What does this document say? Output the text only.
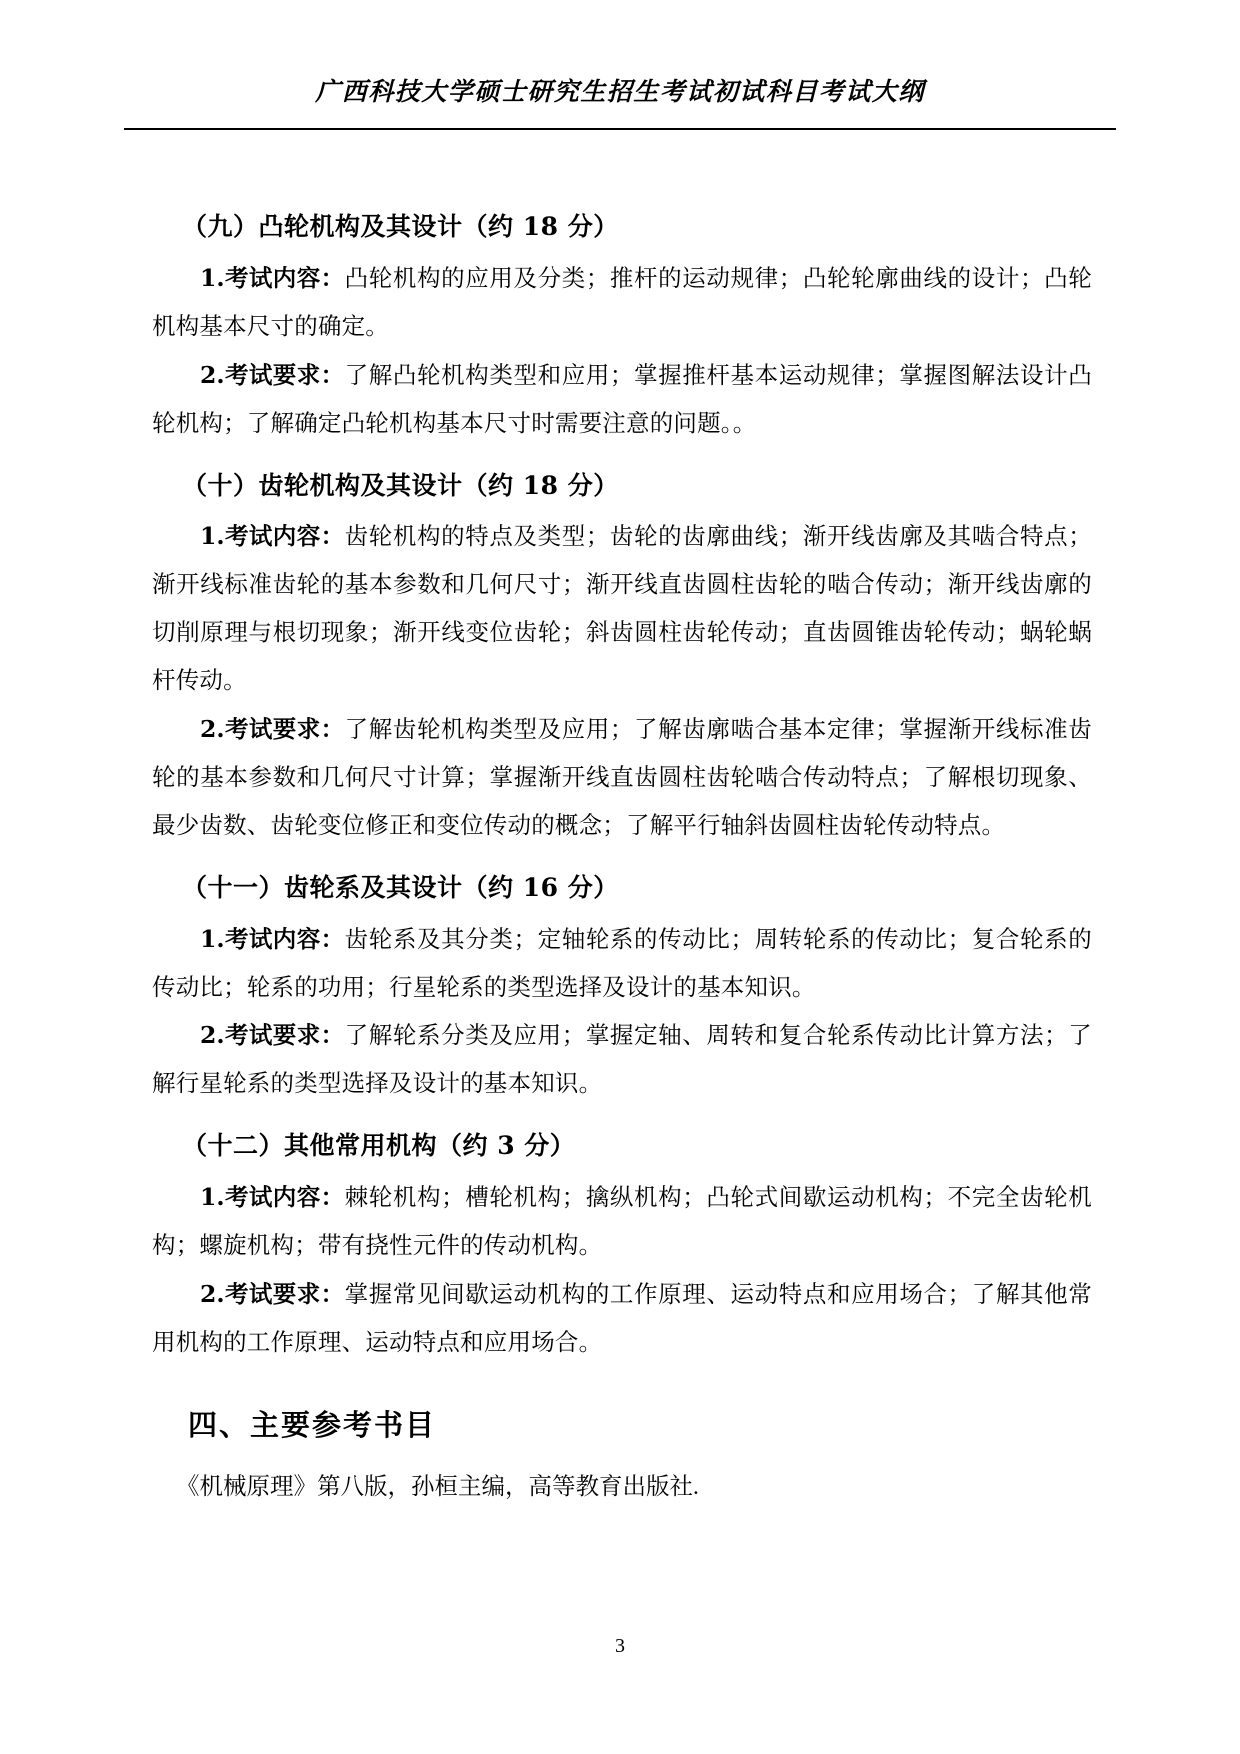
广西科技大学硕士研究生招生考试初试科目考试大纲
（九）凸轮机构及其设计（约 18 分）

1.考试内容：凸轮机构的应用及分类；推杆的运动规律；凸轮轮廓曲线的设计；凸轮机构基本尺寸的确定。

2.考试要求：了解凸轮机构类型和应用；掌握推杆基本运动规律；掌握图解法设计凸轮机构；了解确定凸轮机构基本尺寸时需要注意的问题。。

（十）齿轮机构及其设计（约 18 分）

1.考试内容：齿轮机构的特点及类型；齿轮的齿廓曲线；渐开线齿廓及其啮合特点；渐开线标准齿轮的基本参数和几何尺寸；渐开线直齿圆柱齿轮的啮合传动；渐开线齿廓的切削原理与根切现象；渐开线变位齿轮；斜齿圆柱齿轮传动；直齿圆锥齿轮传动；蜗轮蜗杆传动。

2.考试要求：了解齿轮机构类型及应用；了解齿廓啮合基本定律；掌握渐开线标准齿轮的基本参数和几何尺寸计算；掌握渐开线直齿圆柱齿轮啮合传动特点；了解根切现象、最少齿数、齿轮变位修正和变位传动的概念；了解平行轴斜齿圆柱齿轮传动特点。

（十一）齿轮系及其设计（约 16 分）

1.考试内容：齿轮系及其分类；定轴轮系的传动比；周转轮系的传动比；复合轮系的传动比；轮系的功用；行星轮系的类型选择及设计的基本知识。

2.考试要求：了解轮系分类及应用；掌握定轴、周转和复合轮系传动比计算方法；了解行星轮系的类型选择及设计的基本知识。

（十二）其他常用机构（约 3 分）

1.考试内容：棘轮机构；槽轮机构；擒纵机构；凸轮式间歇运动机构；不完全齿轮机构；螺旋机构；带有挠性元件的传动机构。

2.考试要求：掌握常见间歇运动机构的工作原理、运动特点和应用场合；了解其他常用机构的工作原理、运动特点和应用场合。

四、主要参考书目

《机械原理》第八版，孙桓主编，高等教育出版社.

3
